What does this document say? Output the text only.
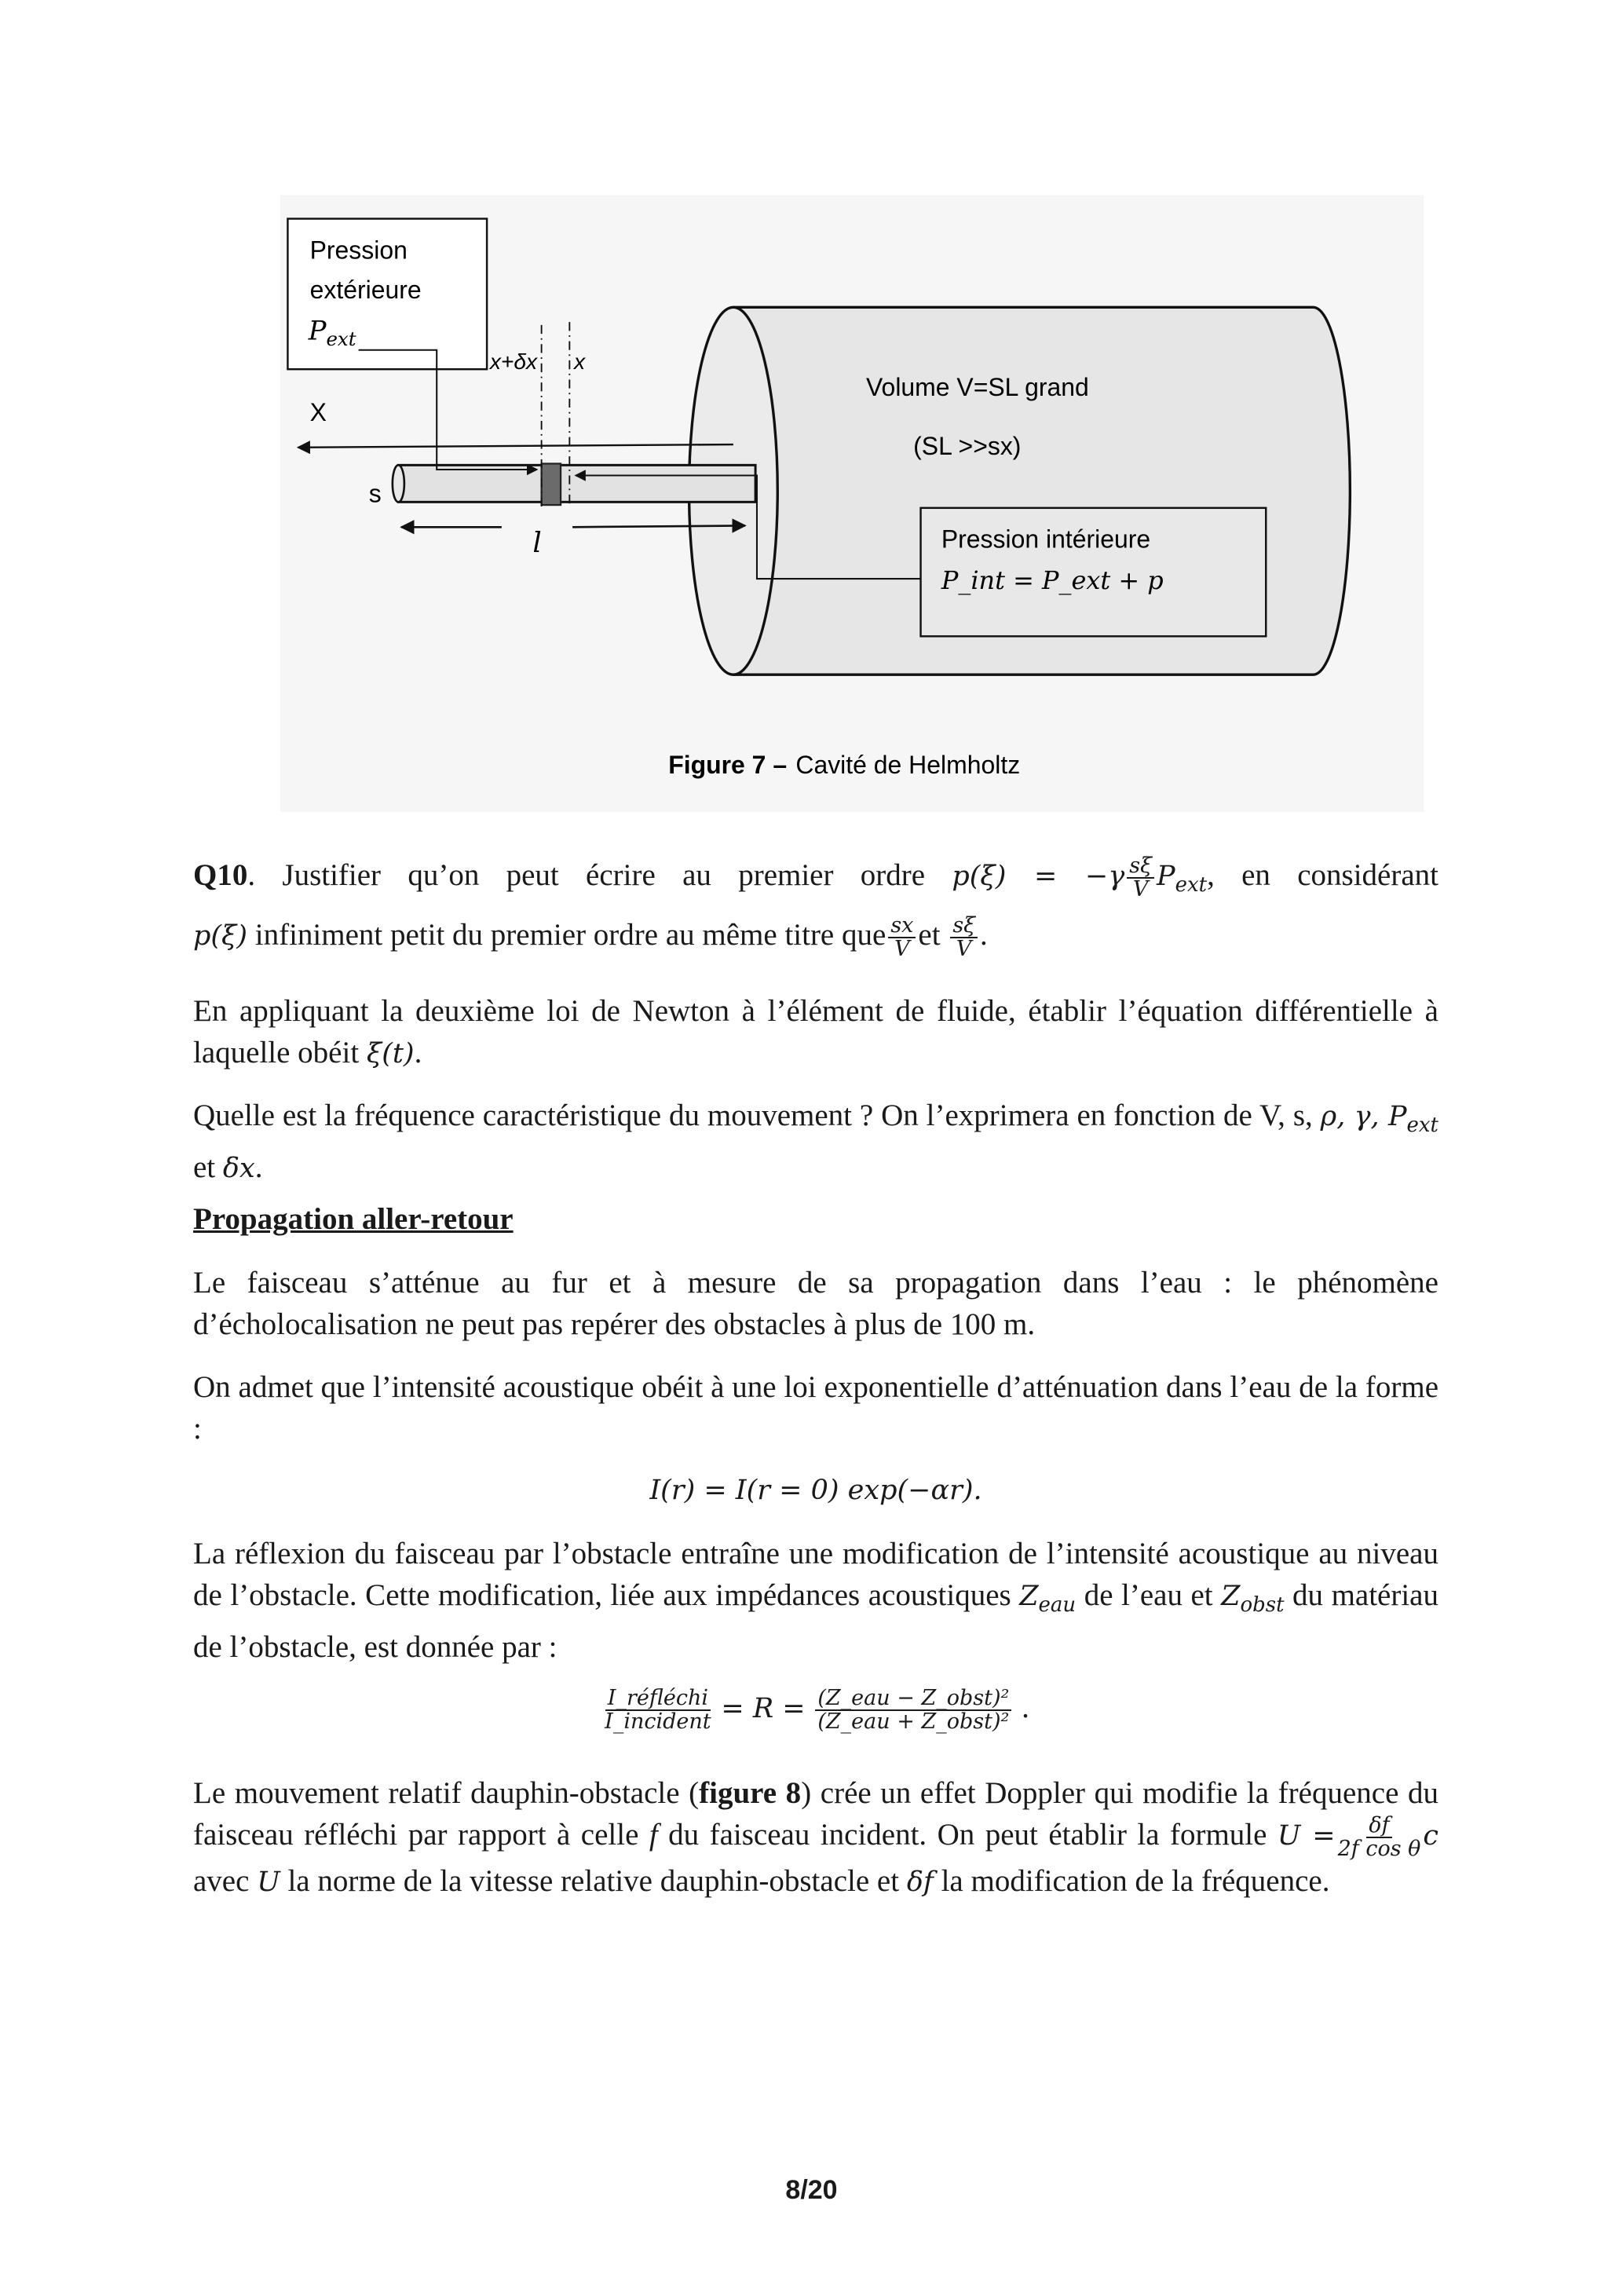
Pression
extérieure
$P_{ext}$
x+δx	x
X
s
l
Volume V=SL grand
(SL >>sx)
Pression intérieure
P_int = P_ext + p
Figure 7 – Cavité de Helmholtz
Q10. Justifier qu’on peut écrire au premier ordre $p(\xi) = -\gamma \frac{s\xi}{V} P_{ext}$, en considérant
p(ξ) infiniment petit du premier ordre au même titre que $\frac{sx}{V}$ et $\frac{s\xi}{V}$ .
En appliquant la deuxième loi de Newton à l’élément de fluide, établir l’équation différentielle à laquelle obéit ξ(t).
Quelle est la fréquence caractéristique du mouvement ? On l’exprimera en fonction de V, s, ρ, γ, $P_{ext}$ et δx.
Propagation aller-retour
Le faisceau s’atténue au fur et à mesure de sa propagation dans l’eau : le phénomène d’écholocalisation ne peut pas repérer des obstacles à plus de 100 m.
On admet que l’intensité acoustique obéit à une loi exponentielle d’atténuation dans l’eau de la forme :
I(r) = I(r = 0) exp(−αr).
La réflexion du faisceau par l’obstacle entraîne une modification de l’intensité acoustique au niveau de l’obstacle. Cette modification, liée aux impédances acoustiques $Z_{eau}$ de l’eau et $Z_{obst}$ du matériau de l’obstacle, est donnée par :
$\frac{\text{I\_réfléchi}}{\text{I\_incident}} = R = \frac{\text{(Z\_eau − Z\_obst)²}}{\text{(Z\_eau + Z\_obst)²}}$ .
Le mouvement relatif dauphin-obstacle (figure 8) crée un effet Doppler qui modifie la fréquence du faisceau réfléchi par rapport à celle f du faisceau incident. On peut établir la formule $U = \frac{\delta f}{\text{2f cos θ}}$ c avec U la norme de la vitesse relative dauphin-obstacle et δf la modification de la fréquence.
8/20
